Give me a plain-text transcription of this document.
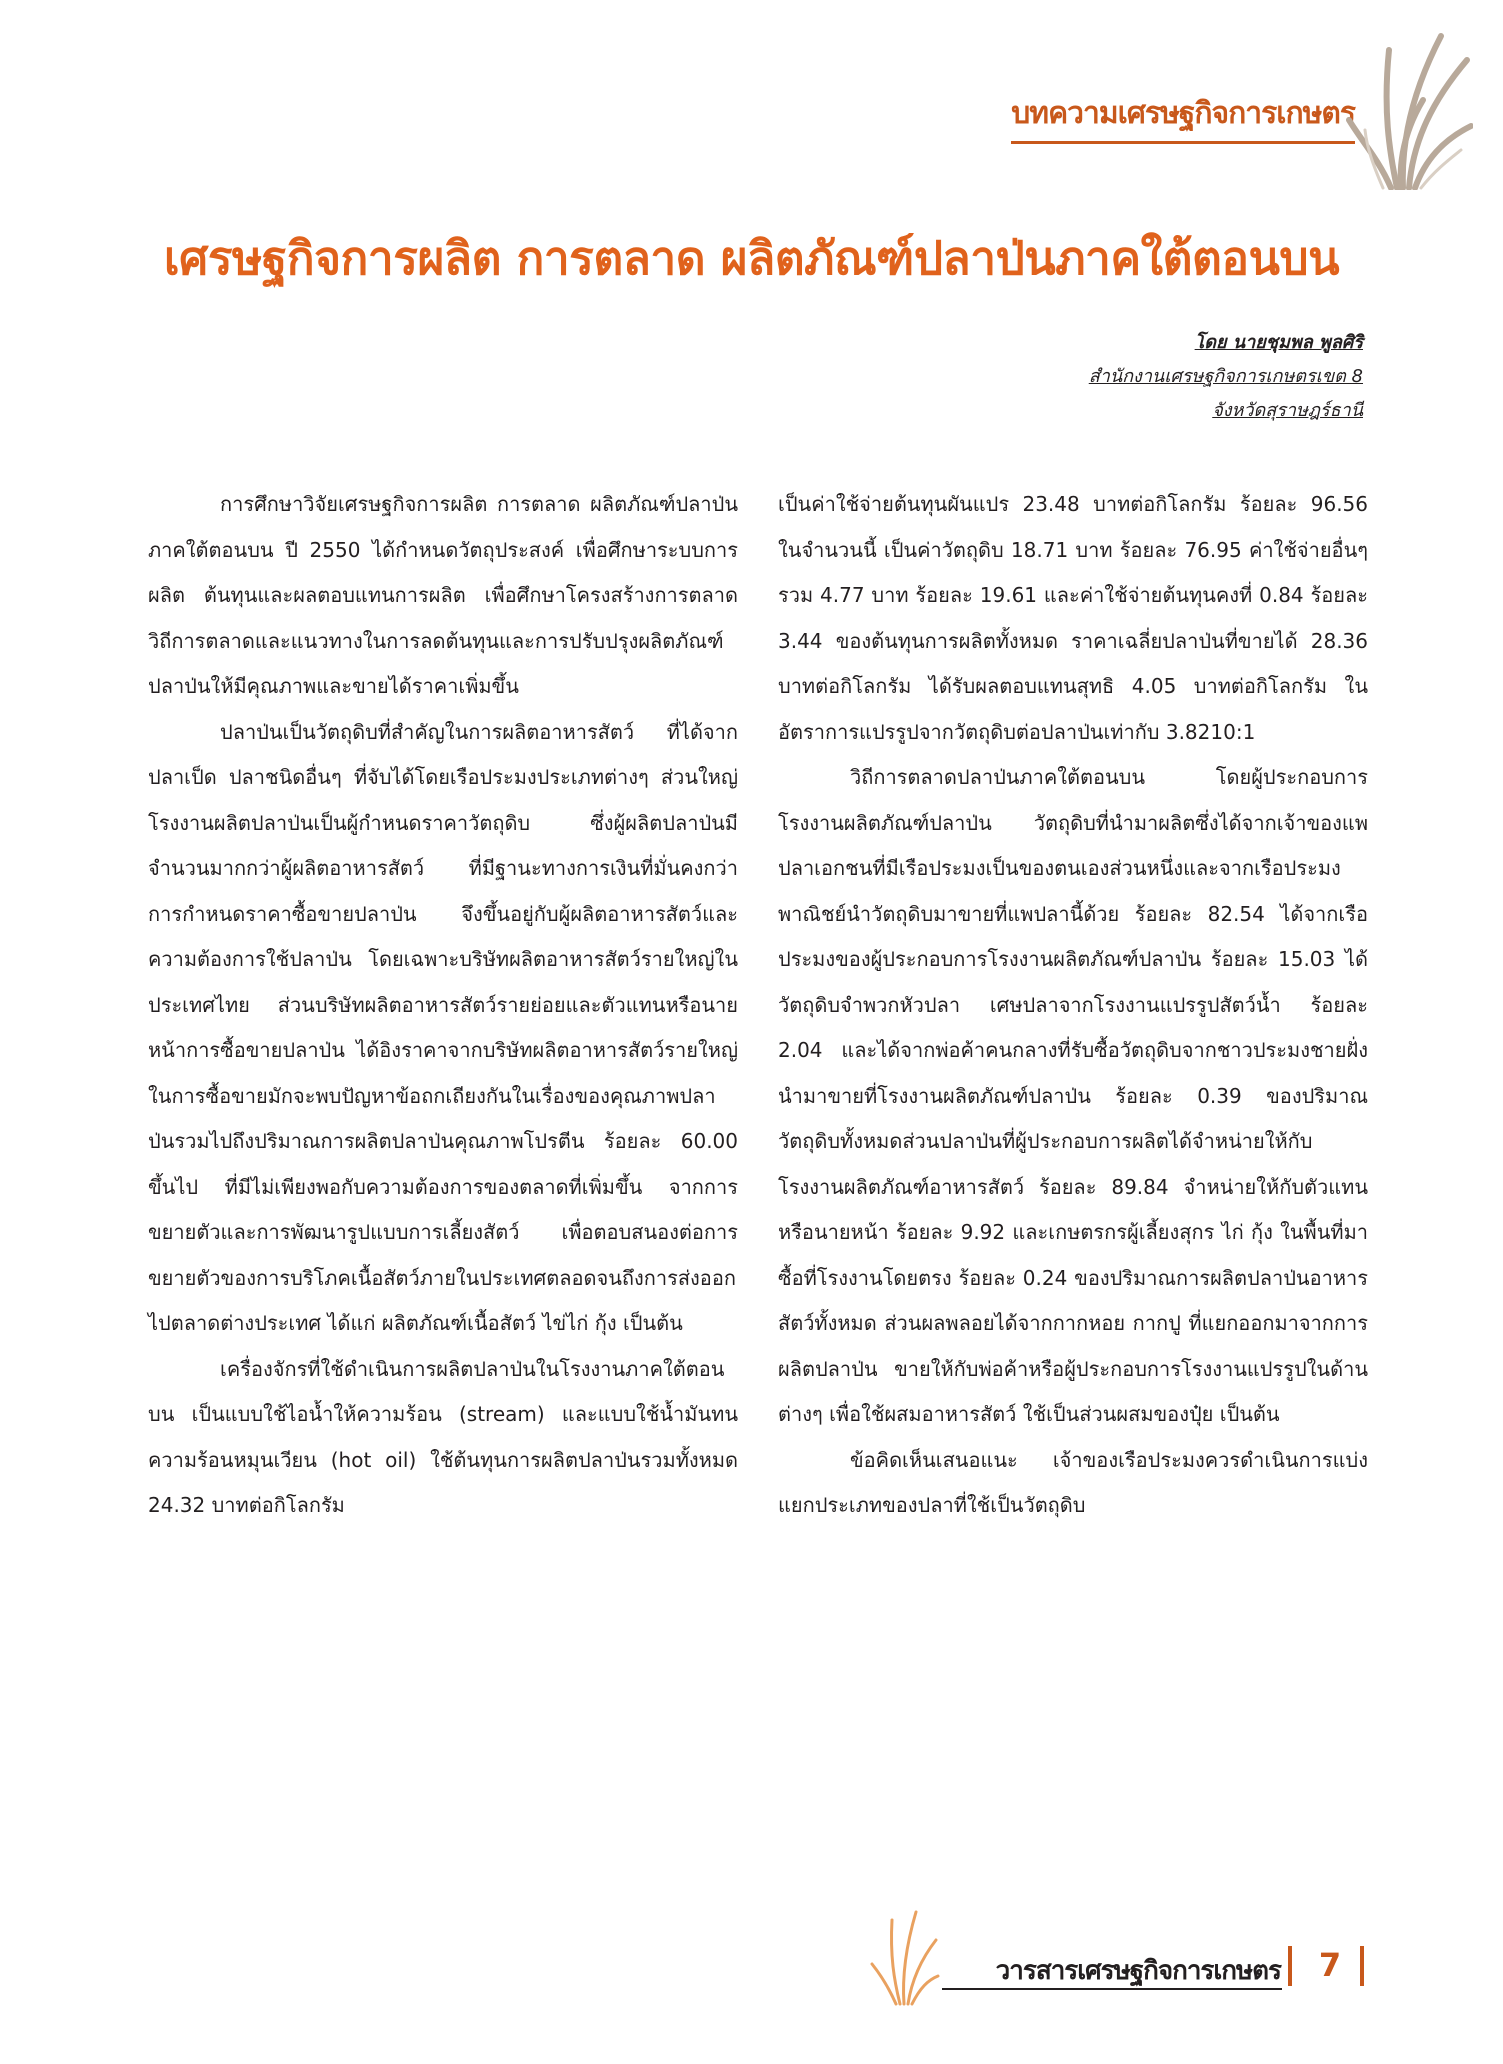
บทความเศรษฐกิจการเกษตร
เศรษฐกิจการผลิต การตลาด ผลิตภัณฑ์ปลาป่นภาคใต้ตอนบน
โดย นายชุมพล พูลศิริ
สำนักงานเศรษฐกิจการเกษตรเขต 8
จังหวัดสุราษฎร์ธานี

การศึกษาวิจัยเศรษฐกิจการผลิต การตลาด ผลิตภัณฑ์ปลาป่นภาคใต้ตอนบน ปี 2550 ได้กำหนดวัตถุประสงค์ เพื่อศึกษาระบบการผลิต ต้นทุนและผลตอบแทนการผลิต เพื่อศึกษาโครงสร้างการตลาด วิถีการตลาดและแนวทางในการลดต้นทุนและการปรับปรุงผลิตภัณฑ์ปลาป่นให้มีคุณภาพและขายได้ราคาเพิ่มขึ้น

ปลาป่นเป็นวัตถุดิบที่สำคัญในการผลิตอาหารสัตว์ ที่ได้จากปลาเป็ด ปลาชนิดอื่นๆ ที่จับได้โดยเรือประมงประเภทต่างๆ ส่วนใหญ่โรงงานผลิตปลาป่นเป็นผู้กำหนดราคาวัตถุดิบ ซึ่งผู้ผลิตปลาป่นมีจำนวนมากกว่าผู้ผลิตอาหารสัตว์ ที่มีฐานะทางการเงินที่มั่นคงกว่า การกำหนดราคาซื้อขายปลาป่น จึงขึ้นอยู่กับผู้ผลิตอาหารสัตว์และความต้องการใช้ปลาป่น โดยเฉพาะบริษัทผลิตอาหารสัตว์รายใหญ่ในประเทศไทย ส่วนบริษัทผลิตอาหารสัตว์รายย่อยและตัวแทนหรือนายหน้าการซื้อขายปลาป่น ได้อิงราคาจากบริษัทผลิตอาหารสัตว์รายใหญ่ ในการซื้อขายมักจะพบปัญหาข้อถกเถียงกันในเรื่องของคุณภาพปลาป่นรวมไปถึงปริมาณการผลิตปลาป่นคุณภาพโปรตีน ร้อยละ 60.00 ขึ้นไป ที่มีไม่เพียงพอกับความต้องการของตลาดที่เพิ่มขึ้น จากการขยายตัวและการพัฒนารูปแบบการเลี้ยงสัตว์ เพื่อตอบสนองต่อการขยายตัวของการบริโภคเนื้อสัตว์ภายในประเทศตลอดจนถึงการส่งออกไปตลาดต่างประเทศ ได้แก่ ผลิตภัณฑ์เนื้อสัตว์ ไข่ไก่ กุ้ง เป็นต้น

เครื่องจักรที่ใช้ดำเนินการผลิตปลาป่นในโรงงานภาคใต้ตอนบน เป็นแบบใช้ไอน้ำให้ความร้อน (stream) และแบบใช้น้ำมันทนความร้อนหมุนเวียน (hot oil) ใช้ต้นทุนการผลิตปลาป่นรวมทั้งหมด 24.32 บาทต่อกิโลกรัม

เป็นค่าใช้จ่ายต้นทุนผันแปร 23.48 บาทต่อกิโลกรัม ร้อยละ 96.56 ในจำนวนนี้ เป็นค่าวัตถุดิบ 18.71 บาท ร้อยละ 76.95 ค่าใช้จ่ายอื่นๆ รวม 4.77 บาท ร้อยละ 19.61 และค่าใช้จ่ายต้นทุนคงที่ 0.84 ร้อยละ 3.44 ของต้นทุนการผลิตทั้งหมด ราคาเฉลี่ยปลาป่นที่ขายได้ 28.36 บาทต่อกิโลกรัม ได้รับผลตอบแทนสุทธิ 4.05 บาทต่อกิโลกรัม ในอัตราการแปรรูปจากวัตถุดิบต่อปลาป่นเท่ากับ 3.8210:1

วิถีการตลาดปลาป่นภาคใต้ตอนบน โดยผู้ประกอบการโรงงานผลิตภัณฑ์ปลาป่น วัตถุดิบที่นำมาผลิตซึ่งได้จากเจ้าของแพปลาเอกชนที่มีเรือประมงเป็นของตนเองส่วนหนึ่งและจากเรือประมงพาณิชย์นำวัตถุดิบมาขายที่แพปลานี้ด้วย ร้อยละ 82.54 ได้จากเรือประมงของผู้ประกอบการโรงงานผลิตภัณฑ์ปลาป่น ร้อยละ 15.03 ได้วัตถุดิบจำพวกหัวปลา เศษปลาจากโรงงานแปรรูปสัตว์น้ำ ร้อยละ 2.04 และได้จากพ่อค้าคนกลางที่รับซื้อวัตถุดิบจากชาวประมงชายฝั่ง นำมาขายที่โรงงานผลิตภัณฑ์ปลาป่น ร้อยละ 0.39 ของปริมาณวัตถุดิบทั้งหมดส่วนปลาป่นที่ผู้ประกอบการผลิตได้จำหน่ายให้กับโรงงานผลิตภัณฑ์อาหารสัตว์ ร้อยละ 89.84 จำหน่ายให้กับตัวแทนหรือนายหน้า ร้อยละ 9.92 และเกษตรกรผู้เลี้ยงสุกร ไก่ กุ้ง ในพื้นที่มาซื้อที่โรงงานโดยตรง ร้อยละ 0.24 ของปริมาณการผลิตปลาป่นอาหารสัตว์ทั้งหมด ส่วนผลพลอยได้จากกากหอย กากปู ที่แยกออกมาจากการผลิตปลาป่น ขายให้กับพ่อค้าหรือผู้ประกอบการโรงงานแปรรูปในด้านต่างๆ เพื่อใช้ผสมอาหารสัตว์ ใช้เป็นส่วนผสมของปุ๋ย เป็นต้น

ข้อคิดเห็นเสนอแนะ เจ้าของเรือประมงควรดำเนินการแบ่งแยกประเภทของปลาที่ใช้เป็นวัตถุดิบ

วารสารเศรษฐกิจการเกษตร 7
